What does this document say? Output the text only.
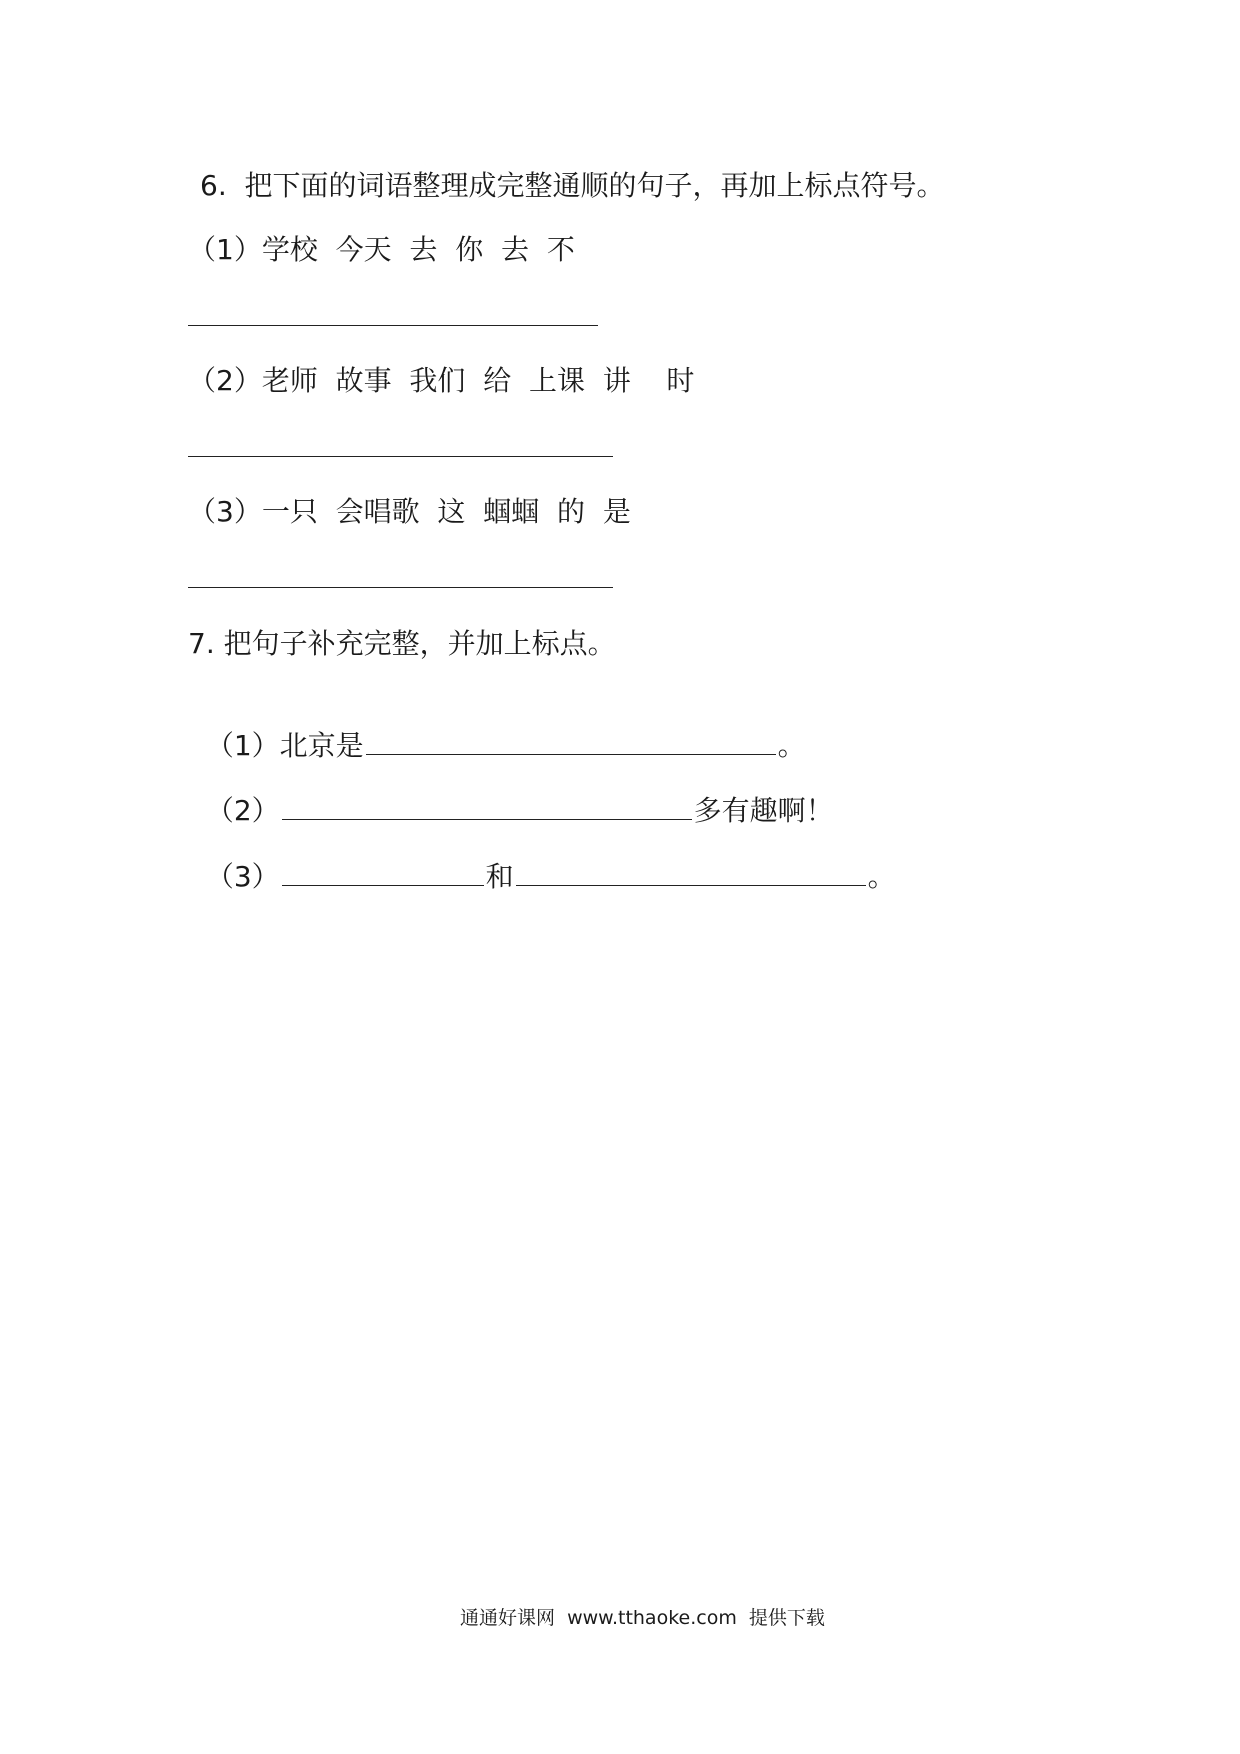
6.  把下面的词语整理成完整通顺的句子，再加上标点符号。
（1）学校  今天  去  你  去  不
（2）老师  故事  我们  给  上课  讲    时
（3）一只  会唱歌  这  蝈蝈  的  是
7. 把句子补充完整，并加上标点。

（1）北京是	。

（2）	多有趣啊！

（3）	和	。

通通好课网  www.tthaoke.com  提供下载
